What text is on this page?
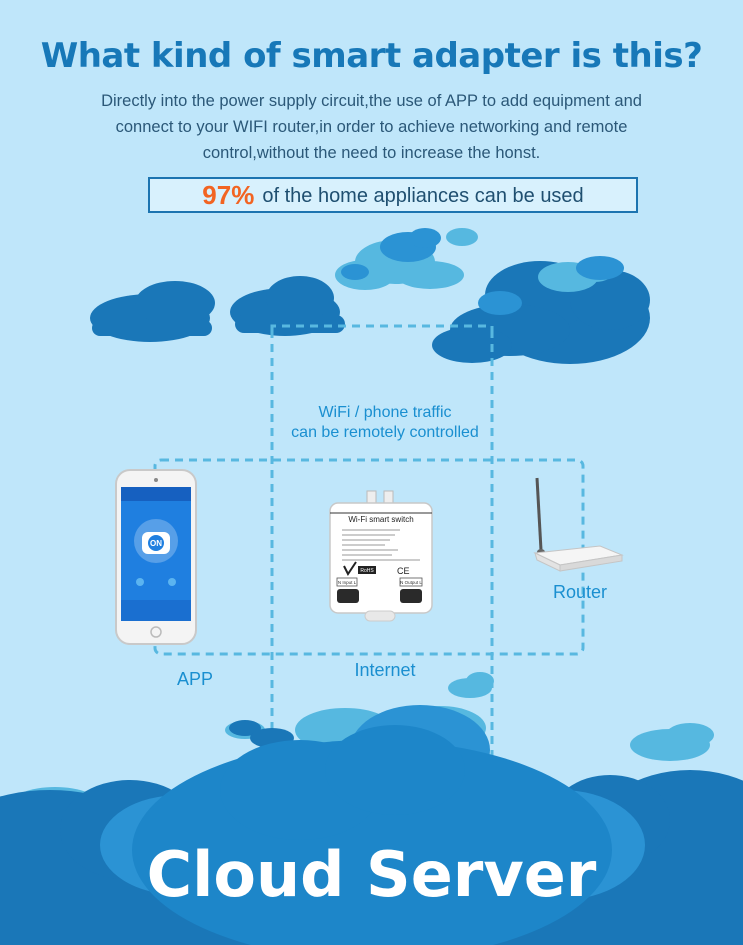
What kind of smart adapter is this?
Directly into the power supply circuit,the use of APP to add equipment and connect to your WIFI router,in order to achieve networking and remote control,without the need to increase the honst.
97% of the home appliances can be used
ON
Wi-Fi smart switch
RoHS	CE
N Input L	N Output L
WiFi / phone traffic
can be remotely controlled
APP	Internet
Router
Cloud Server
